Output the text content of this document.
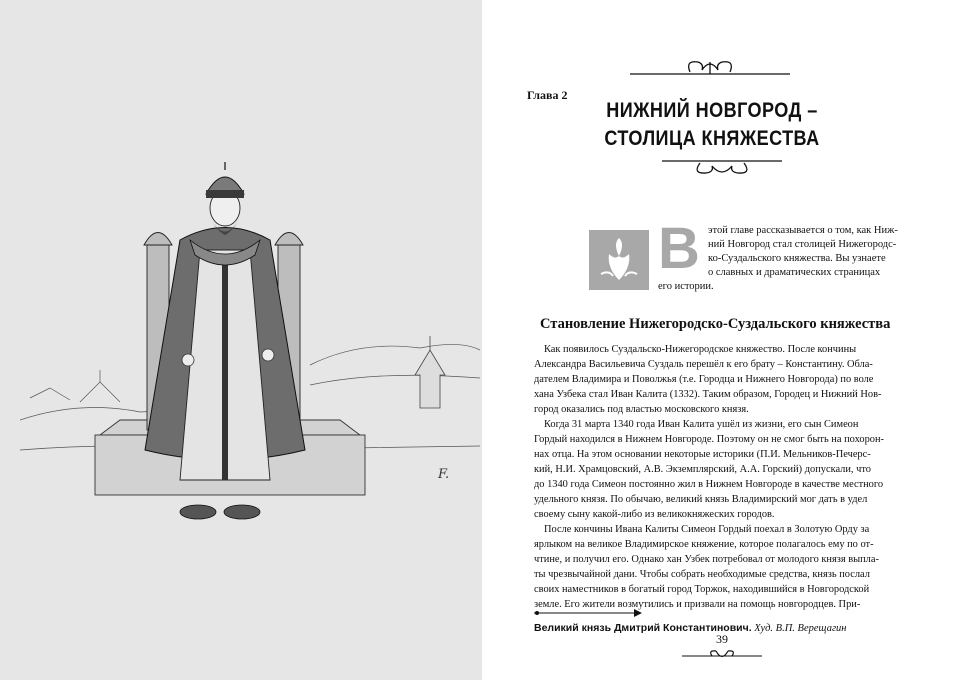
F.
Глава 2
НИЖНИЙ НОВГОРОД –
СТОЛИЦА КНЯЖЕСТВА
В этой главе рассказывается о том, как Ниж-
ний Новгород стал столицей Нижегородс-
ко-Суздальского княжества. Вы узнаете
о славных и драматических страницах
его истории.
Становление Нижегородско-Суздальского княжества
Как появилось Суздальско-Нижегородское княжество. После кончины
Александра Васильевича Суздаль перешёл к его брату – Константину. Обла-
дателем Владимира и Поволжья (т.е. Городца и Нижнего Новгорода) по воле
хана Узбека стал Иван Калита (1332). Таким образом, Городец и Нижний Нов-
город оказались под властью московского князя.
Когда 31 марта 1340 года Иван Калита ушёл из жизни, его сын Симеон
Гордый находился в Нижнем Новгороде. Поэтому он не смог быть на похорон-
нах отца. На этом основании некоторые историки (П.И. Мельников-Печерс-
кий, Н.И. Храмцовский, А.В. Экземплярский, А.А. Горский) допускали, что
до 1340 года Симеон постоянно жил в Нижнем Новгороде в качестве местного
удельного князя. По обычаю, великий князь Владимирский мог дать в удел
своему сыну какой-либо из великокняжеских городов.
После кончины Ивана Калиты Симеон Гордый поехал в Золотую Орду за
ярлыком на великое Владимирское княжение, которое полагалось ему по от-
чтине, и получил его. Однако хан Узбек потребовал от молодого князя выпла-
ты чрезвычайной дани. Чтобы собрать необходимые средства, князь послал
своих наместников в богатый город Торжок, находившийся в Новгородской
земле. Его жители возмутились и призвали на помощь новгородцев. При-
Великий князь Дмитрий Константинович. Худ. В.П. Верещагин
39
